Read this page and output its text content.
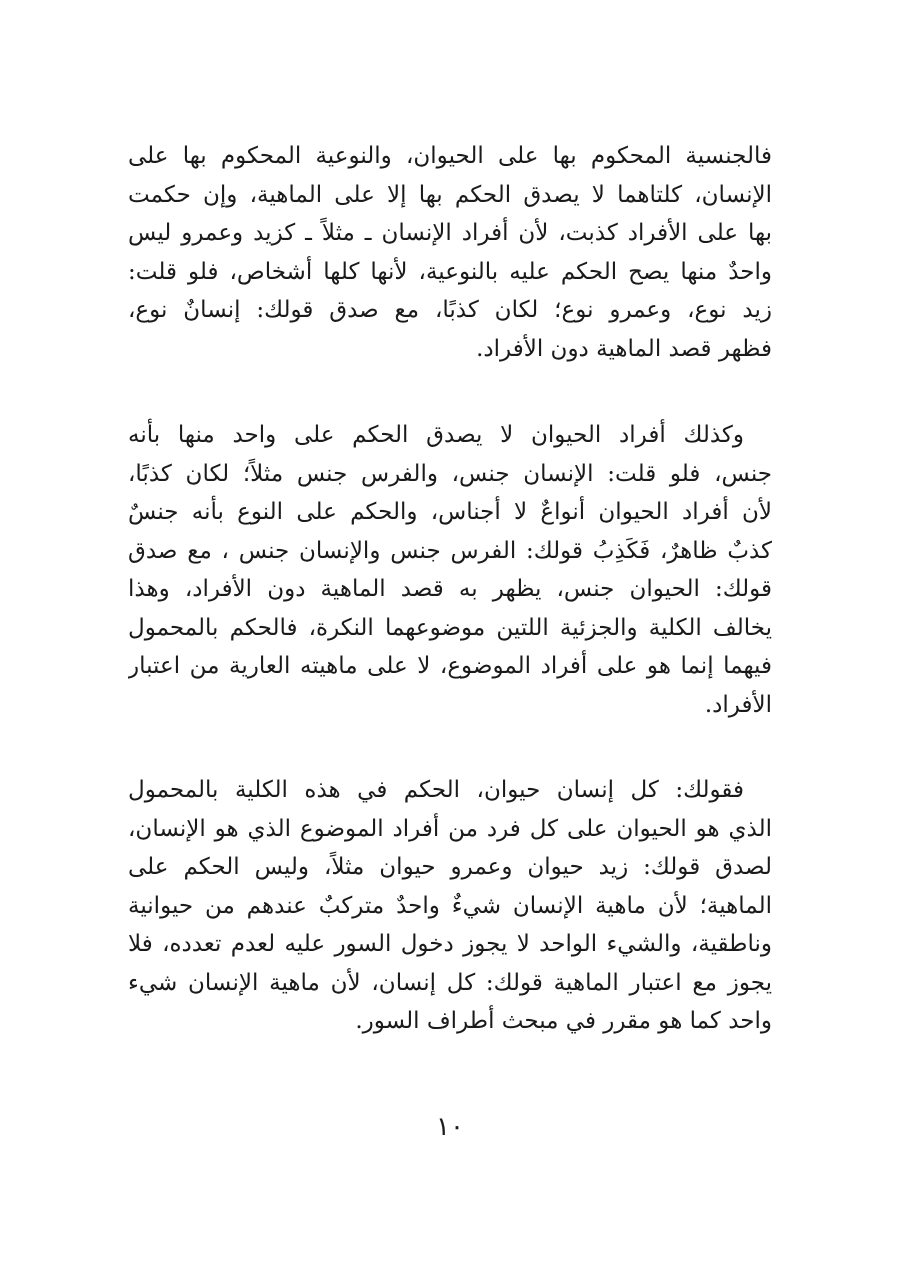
فالجنسية المحكوم بها على الحيوان، والنوعية المحكوم بها على
الإنسان، كلتاهما لا يصدق الحكم بها إلا على الماهية، وإن حكمت
بها على الأفراد كذبت، لأن أفراد الإنسان ـ مثلاً ـ كزيد وعمرو ليس
واحدٌ منها يصح الحكم عليه بالنوعية، لأنها كلها أشخاص، فلو قلت:
زيد نوع، وعمرو نوع؛ لكان كذبًا، مع صدق قولك: إنسانٌ نوع،
فظهر قصد الماهية دون الأفراد.
وكذلك أفراد الحيوان لا يصدق الحكم على واحد منها بأنه
جنس، فلو قلت: الإنسان جنس، والفرس جنس مثلاً؛ لكان كذبًا،
لأن أفراد الحيوان أنواعٌ لا أجناس، والحكم على النوع بأنه جنسٌ
كذبٌ ظاهرٌ، فَكَذِبُ قولك: الفرس جنس والإنسان جنس ، مع صدق
قولك: الحيوان جنس، يظهر به قصد الماهية دون الأفراد، وهذا
يخالف الكلية والجزئية اللتين موضوعهما النكرة، فالحكم بالمحمول
فيهما إنما هو على أفراد الموضوع، لا على ماهيته العارية من اعتبار
الأفراد.
فقولك: كل إنسان حيوان، الحكم في هذه الكلية بالمحمول
الذي هو الحيوان على كل فرد من أفراد الموضوع الذي هو الإنسان،
لصدق قولك: زيد حيوان وعمرو حيوان مثلاً، وليس الحكم على
الماهية؛ لأن ماهية الإنسان شيءٌ واحدٌ متركبٌ عندهم من حيوانية
وناطقية، والشيء الواحد لا يجوز دخول السور عليه لعدم تعدده، فلا
يجوز مع اعتبار الماهية قولك: كل إنسان، لأن ماهية الإنسان شيء
واحد كما هو مقرر في مبحث أطراف السور.
١٠
